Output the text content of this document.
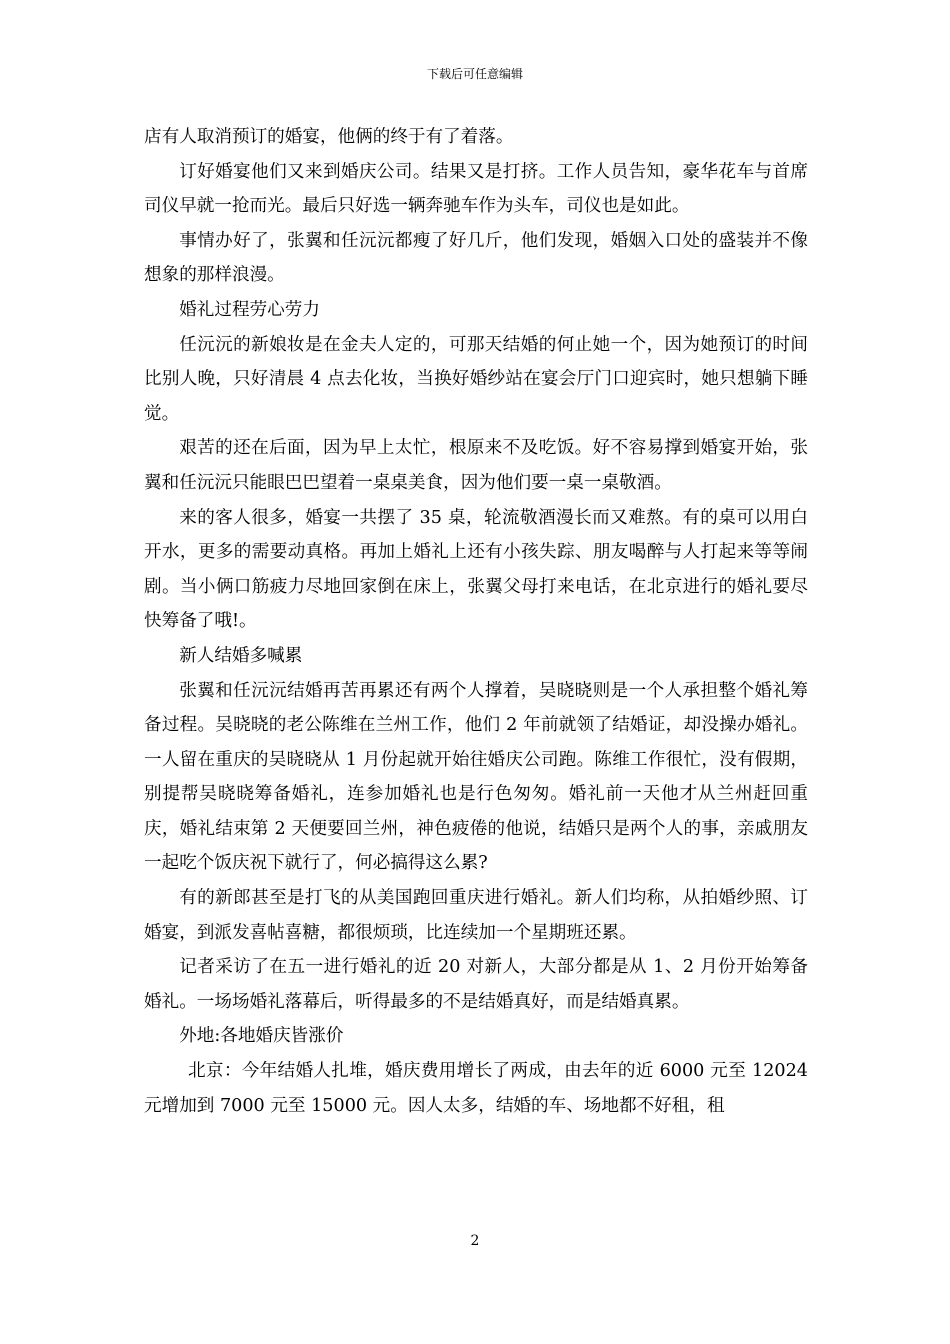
下载后可任意编辑

店有人取消预订的婚宴，他俩的终于有了着落。

订好婚宴他们又来到婚庆公司。结果又是打挤。工作人员告知，豪华花车与首席司仪早就一抢而光。最后只好选一辆奔驰车作为头车，司仪也是如此。

事情办好了，张翼和任沅沅都瘦了好几斤，他们发现，婚姻入口处的盛装并不像想象的那样浪漫。

婚礼过程劳心劳力

任沅沅的新娘妆是在金夫人定的，可那天结婚的何止她一个，因为她预订的时间比别人晚，只好清晨 4 点去化妆，当换好婚纱站在宴会厅门口迎宾时，她只想躺下睡觉。

艰苦的还在后面，因为早上太忙，根原来不及吃饭。好不容易撑到婚宴开始，张翼和任沅沅只能眼巴巴望着一桌桌美食，因为他们要一桌一桌敬酒。

来的客人很多，婚宴一共摆了 35 桌，轮流敬酒漫长而又难熬。有的桌可以用白开水，更多的需要动真格。再加上婚礼上还有小孩失踪、朋友喝醉与人打起来等等闹剧。当小俩口筋疲力尽地回家倒在床上，张翼父母打来电话，在北京进行的婚礼要尽快筹备了哦!。

新人结婚多喊累

张翼和任沅沅结婚再苦再累还有两个人撑着，吴晓晓则是一个人承担整个婚礼筹备过程。吴晓晓的老公陈维在兰州工作，他们 2 年前就领了结婚证，却没操办婚礼。一人留在重庆的吴晓晓从 1 月份起就开始往婚庆公司跑。陈维工作很忙，没有假期，别提帮吴晓晓筹备婚礼，连参加婚礼也是行色匆匆。婚礼前一天他才从兰州赶回重庆，婚礼结束第 2 天便要回兰州，神色疲倦的他说，结婚只是两个人的事，亲戚朋友一起吃个饭庆祝下就行了，何必搞得这么累?

有的新郎甚至是打飞的从美国跑回重庆进行婚礼。新人们均称，从拍婚纱照、订婚宴，到派发喜帖喜糖，都很烦琐，比连续加一个星期班还累。

记者采访了在五一进行婚礼的近 20 对新人，大部分都是从 1、2 月份开始筹备婚礼。一场场婚礼落幕后，听得最多的不是结婚真好，而是结婚真累。

外地:各地婚庆皆涨价

北京：今年结婚人扎堆，婚庆费用增长了两成，由去年的近 6000 元至 12024 元增加到 7000 元至 15000 元。因人太多，结婚的车、场地都不好租，租

2
